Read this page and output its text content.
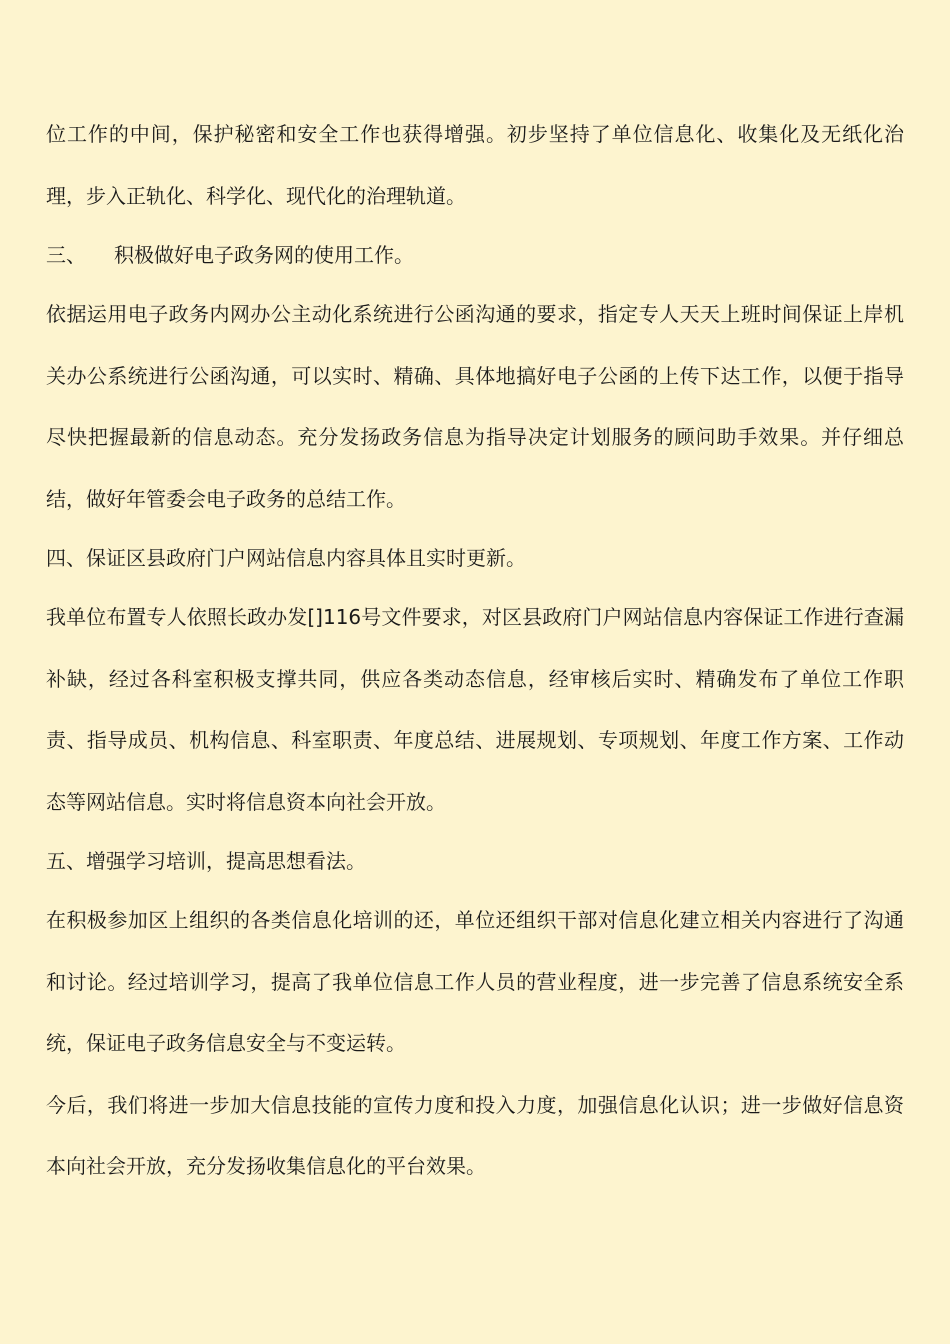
位工作的中间，保护秘密和安全工作也获得增强。初步坚持了单位信息化、收集化及无纸化治理，步入正轨化、科学化、现代化的治理轨道。

三、 积极做好电子政务网的使用工作。

依据运用电子政务内网办公主动化系统进行公函沟通的要求，指定专人天天上班时间保证上岸机关办公系统进行公函沟通，可以实时、精确、具体地搞好电子公函的上传下达工作，以便于指导尽快把握最新的信息动态。充分发扬政务信息为指导决定计划服务的顾问助手效果。并仔细总结，做好年管委会电子政务的总结工作。

四、保证区县政府门户网站信息内容具体且实时更新。

我单位布置专人依照长政办发[]116号文件要求，对区县政府门户网站信息内容保证工作进行查漏补缺，经过各科室积极支撑共同，供应各类动态信息，经审核后实时、精确发布了单位工作职责、指导成员、机构信息、科室职责、年度总结、进展规划、专项规划、年度工作方案、工作动态等网站信息。实时将信息资本向社会开放。

五、增强学习培训，提高思想看法。

在积极参加区上组织的各类信息化培训的还，单位还组织干部对信息化建立相关内容进行了沟通和讨论。经过培训学习，提高了我单位信息工作人员的营业程度，进一步完善了信息系统安全系统，保证电子政务信息安全与不变运转。

今后，我们将进一步加大信息技能的宣传力度和投入力度，加强信息化认识；进一步做好信息资本向社会开放，充分发扬收集信息化的平台效果。
